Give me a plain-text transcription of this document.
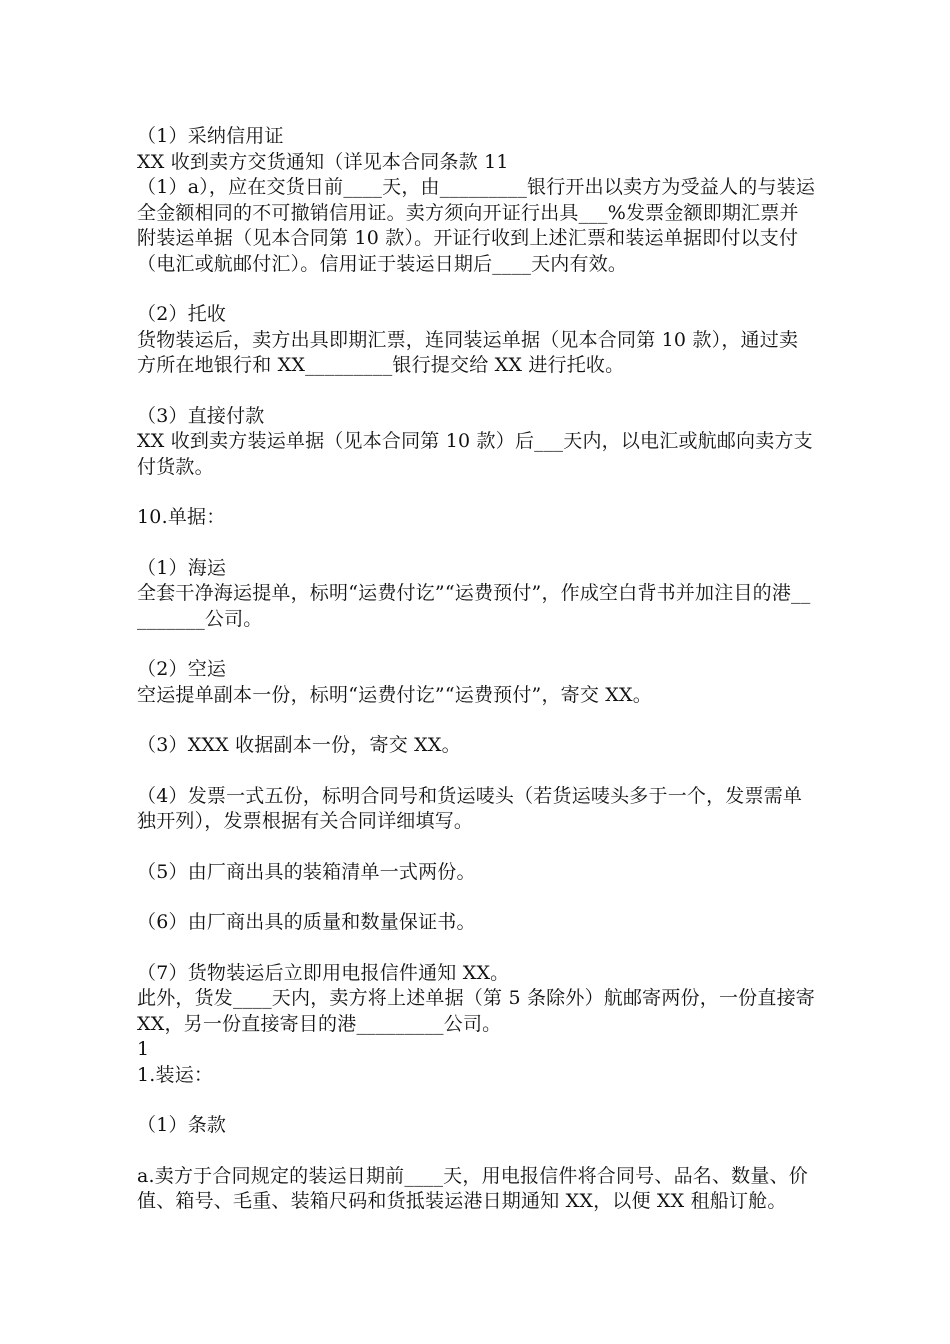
（1）采纳信用证

XX 收到卖方交货通知（详见本合同条款 11

（1）a），应在交货日前____天，由_________银行开出以卖方为受益人的与装运全金额相同的不可撤销信用证。卖方须向开证行出具___%发票金额即期汇票并附装运单据（见本合同第 10 款）。开证行收到上述汇票和装运单据即付以支付（电汇或航邮付汇）。信用证于装运日期后____天内有效。

（2）托收

货物装运后，卖方出具即期汇票，连同装运单据（见本合同第 10 款），通过卖方所在地银行和 XX_________银行提交给 XX 进行托收。

（3）直接付款

XX 收到卖方装运单据（见本合同第 10 款）后___天内，以电汇或航邮向卖方支付货款。

10.单据：

（1）海运

全套干净海运提单，标明“运费付讫”“运费预付”，作成空白背书并加注目的港_________公司。

（2）空运

空运提单副本一份，标明“运费付讫”“运费预付”，寄交 XX。

（3）XXX 收据副本一份，寄交 XX。

（4）发票一式五份，标明合同号和货运唛头（若货运唛头多于一个，发票需单独开列），发票根据有关合同详细填写。

（5）由厂商出具的装箱清单一式两份。

（6）由厂商出具的质量和数量保证书。

（7）货物装运后立即用电报信件通知 XX。

此外，货发____天内，卖方将上述单据（第 5 条除外）航邮寄两份，一份直接寄 XX，另一份直接寄目的港_________公司。

1

1.装运：

（1）条款

a.卖方于合同规定的装运日期前____天，用电报信件将合同号、品名、数量、价值、箱号、毛重、装箱尺码和货抵装运港日期通知 XX，以便 XX 租船订舱。
